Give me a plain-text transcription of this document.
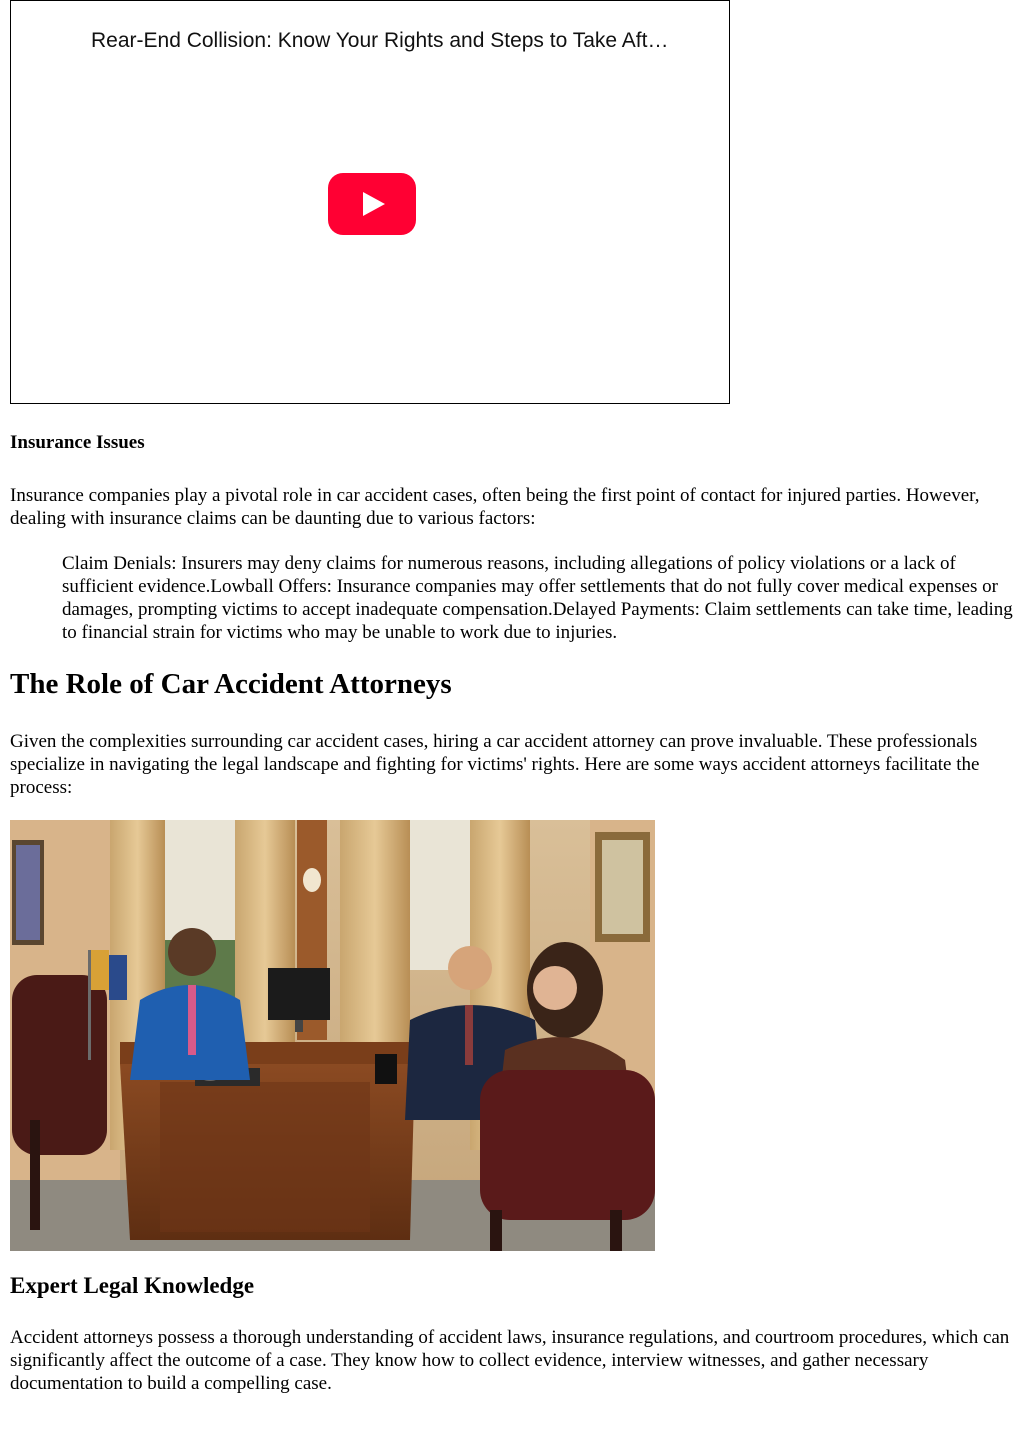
Rear-End Collision: Know Your Rights and Steps to Take Aft…
Insurance Issues

Insurance companies play a pivotal role in car accident cases, often being the first point of contact for injured parties. However, dealing with insurance claims can be daunting due to various factors:

Claim Denials: Insurers may deny claims for numerous reasons, including allegations of policy violations or a lack of sufficient evidence.Lowball Offers: Insurance companies may offer settlements that do not fully cover medical expenses or damages, prompting victims to accept inadequate compensation.Delayed Payments: Claim settlements can take time, leading to financial strain for victims who may be unable to work due to injuries.
The Role of Car Accident Attorneys

Given the complexities surrounding car accident cases, hiring a car accident attorney can prove invaluable. These professionals specialize in navigating the legal landscape and fighting for victims' rights. Here are some ways accident attorneys facilitate the process:

Expert Legal Knowledge

Accident attorneys possess a thorough understanding of accident laws, insurance regulations, and courtroom procedures, which can significantly affect the outcome of a case. They know how to collect evidence, interview witnesses, and gather necessary documentation to build a compelling case.
